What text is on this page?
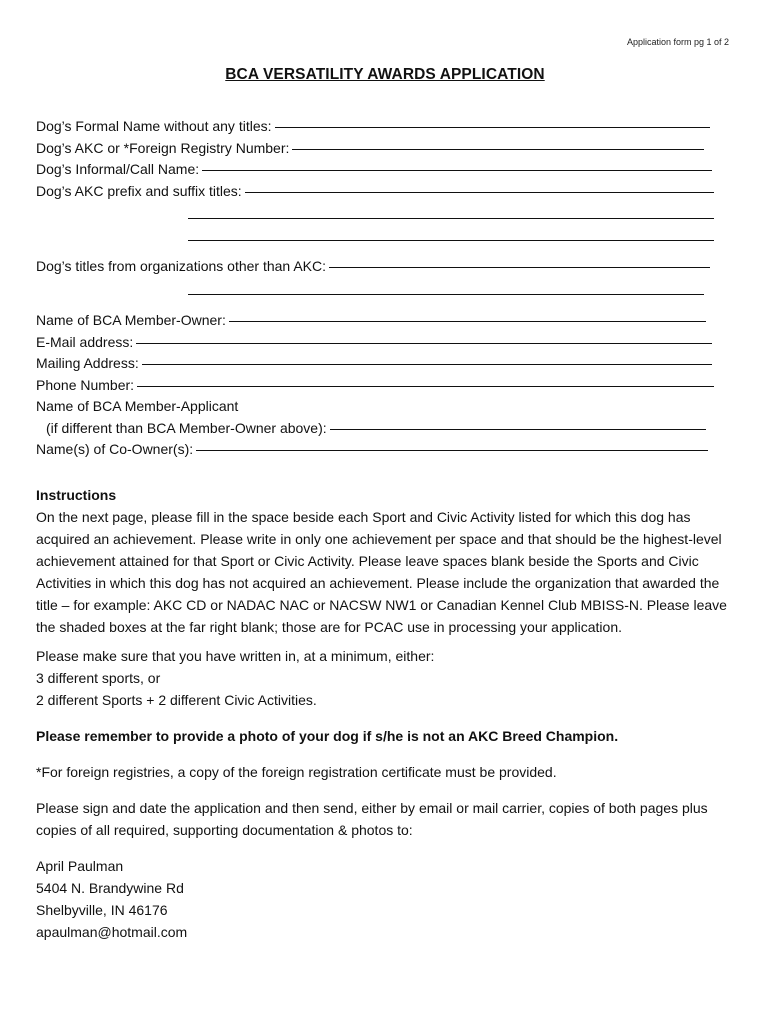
Application form pg 1 of 2
BCA VERSATILITY AWARDS APPLICATION
Dog’s Formal Name without any titles:
Dog’s AKC or *Foreign Registry Number:
Dog’s Informal/Call Name:
Dog’s AKC prefix and suffix titles:
Dog’s titles from organizations other than AKC:
Name of BCA Member-Owner:
E-Mail address:
Mailing Address:
Phone Number:
Name of BCA Member-Applicant
(if different than BCA Member-Owner above):
Name(s) of Co-Owner(s):

Instructions

On the next page, please fill in the space beside each Sport and Civic Activity listed for which this dog has acquired an achievement. Please write in only one achievement per space and that should be the highest-level achievement attained for that Sport or Civic Activity. Please leave spaces blank beside the Sports and Civic Activities in which this dog has not acquired an achievement. Please include the organization that awarded the title – for example: AKC CD or NADAC NAC or NACSW NW1 or Canadian Kennel Club MBISS-N. Please leave the shaded boxes at the far right blank; those are for PCAC use in processing your application.

Please make sure that you have written in, at a minimum, either:

3 different sports, or

2 different Sports + 2 different Civic Activities.

Please remember to provide a photo of your dog if s/he is not an AKC Breed Champion.

*For foreign registries, a copy of the foreign registration certificate must be provided.

Please sign and date the application and then send, either by email or mail carrier, copies of both pages plus copies of all required, supporting documentation & photos to:

April Paulman

5404 N. Brandywine Rd

Shelbyville, IN 46176

apaulman@hotmail.com
